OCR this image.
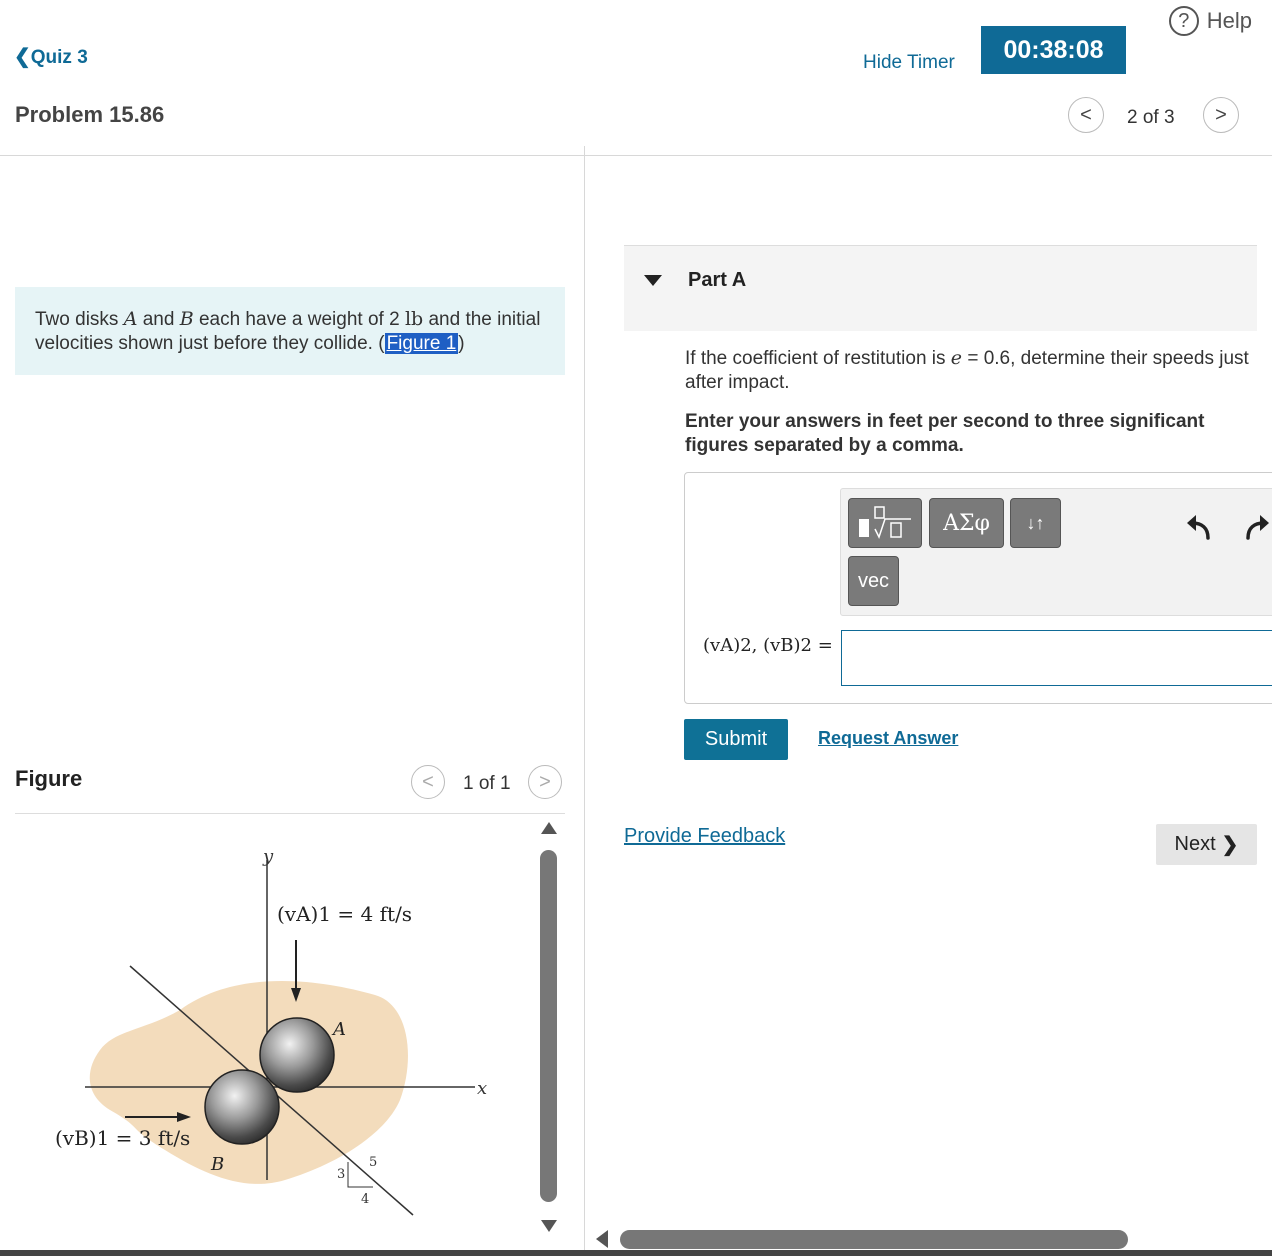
❮Quiz 3
? Help
Hide Timer	00:38:08
Problem 15.86	< 2 of 3 >
Two disks A and B each have a weight of 2 lb and the initial velocities shown just before they collide. ( Figure 1 )
Figure	< 1 of 1 >
y
x
(vA)1 = 4 ft/s
(vB)1 = 3 ft/s
A
B	3
4
5
Part A
If the coefficient of restitution is e = 0.6, determine their speeds just after impact.
Enter your answers in feet per second to three significant figures separated by a comma.
ΑΣφ	↓↑
vec
(vA)2, (vB)2 =
Submit	Request Answer
Provide Feedback	Next ❯
